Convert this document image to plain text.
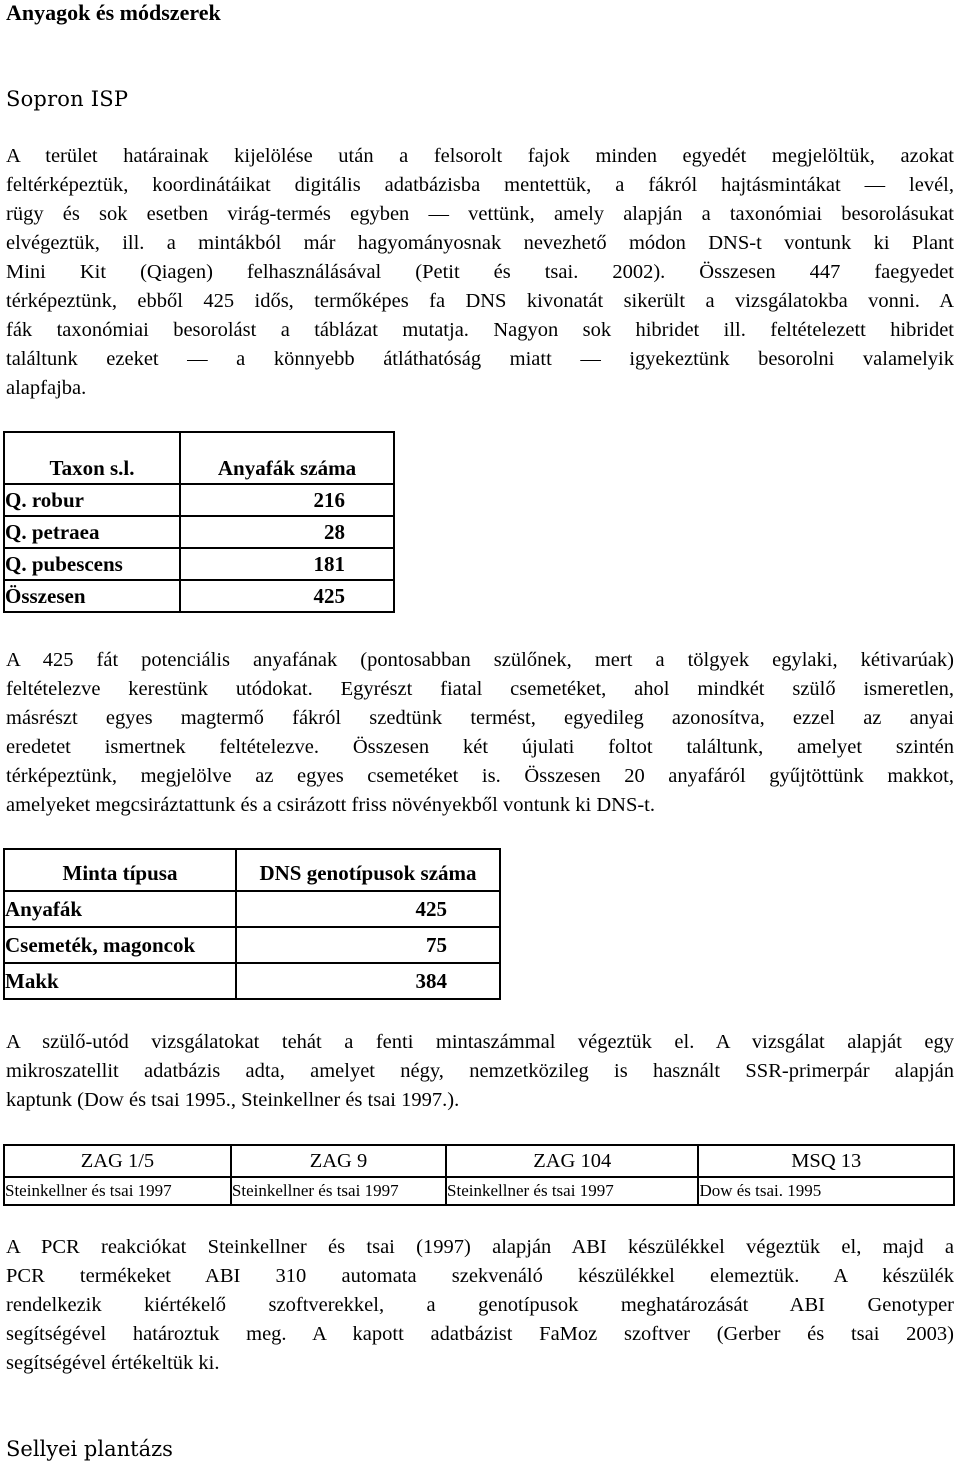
Anyagok és módszerek
Sopron ISP
A terület határainak kijelölése után a felsorolt fajok minden egyedét megjelöltük, azokat
feltérképeztük, koordinátáikat digitális adatbázisba mentettük, a fákról hajtásmintákat — levél,
rügy és sok esetben virág-termés egyben — vettünk, amely alapján a taxonómiai besorolásukat
elvégeztük, ill. a mintákból már hagyományosnak nevezhető módon DNS-t vontunk ki Plant
Mini Kit (Qiagen) felhasználásával (Petit és tsai. 2002). Összesen 447 faegyedet
térképeztünk, ebből 425 idős, termőképes fa DNS kivonatát sikerült a vizsgálatokba vonni. A
fák taxonómiai besorolást a táblázat mutatja. Nagyon sok hibridet ill. feltételezett hibridet
találtunk ezeket — a könnyebb átláthatóság miatt — igyekeztünk besorolni valamelyik
alapfajba.
Taxon s.l.	Anyafák száma
Q. robur	216
Q. petraea	28
Q. pubescens	181
Összesen	425
A 425 fát potenciális anyafának (pontosabban szülőnek, mert a tölgyek egylaki, kétivarúak)
feltételezve kerestünk utódokat. Egyrészt fiatal csemetéket, ahol mindkét szülő ismeretlen,
másrészt egyes magtermő fákról szedtünk termést, egyedileg azonosítva, ezzel az anyai
eredetet ismertnek feltételezve. Összesen két újulati foltot találtunk, amelyet szintén
térképeztünk, megjelölve az egyes csemetéket is. Összesen 20 anyafáról gyűjtöttünk makkot,
amelyeket megcsiráztattunk és a csirázott friss növényekből vontunk ki DNS-t.
Minta típusa	DNS genotípusok száma
Anyafák	425
Csemeték, magoncok	75
Makk	384
A szülő-utód vizsgálatokat tehát a fenti mintaszámmal végeztük el. A vizsgálat alapját egy
mikroszatellit adatbázis adta, amelyet négy, nemzetközileg is használt SSR-primerpár alapján
kaptunk (Dow és tsai 1995., Steinkellner és tsai 1997.).
ZAG 1/5	ZAG 9	ZAG 104	MSQ 13
Steinkellner és tsai 1997	Steinkellner és tsai 1997	Steinkellner és tsai 1997	Dow és tsai. 1995
A PCR reakciókat Steinkellner és tsai (1997) alapján ABI készülékkel végeztük el, majd a
PCR termékeket ABI 310 automata szekvenáló készülékkel elemeztük. A készülék
rendelkezik kiértékelő szoftverekkel, a genotípusok meghatározását ABI Genotyper
segítségével határoztuk meg. A kapott adatbázist FaMoz szoftver (Gerber és tsai 2003)
segítségével értékeltük ki.
Sellyei plantázs
